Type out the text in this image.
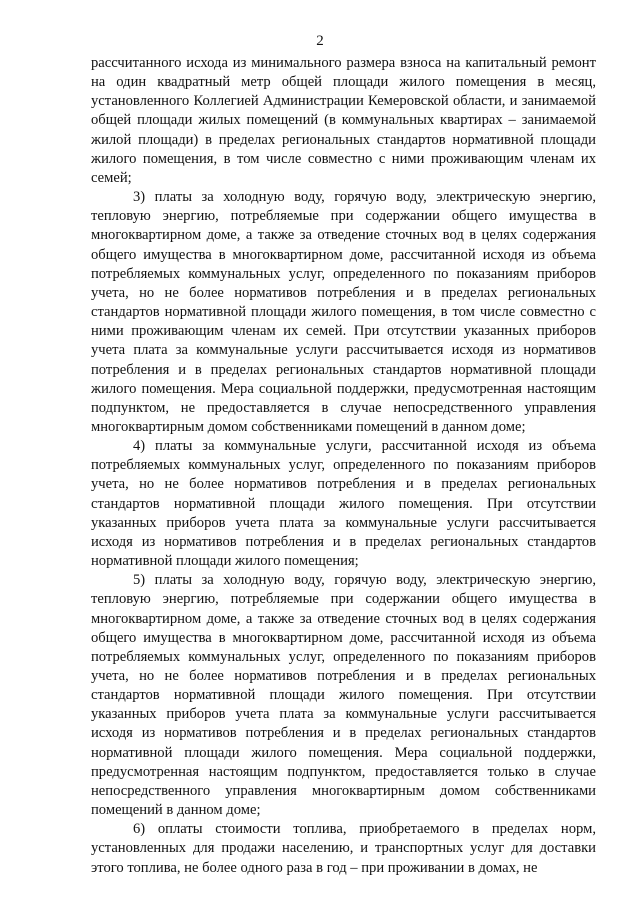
2

рассчитанного исхода из минимального размера взноса на капитальный ремонт на один квадратный метр общей площади жилого помещения в месяц, установленного Коллегией Администрации Кемеровской области, и занимаемой общей площади жилых помещений (в коммунальных квартирах – занимаемой жилой площади) в пределах региональных стандартов нормативной площади жилого помещения, в том числе совместно с ними проживающим членам их семей;

3) платы за холодную воду, горячую воду, электрическую энергию, тепловую энергию, потребляемые при содержании общего имущества в многоквартирном доме, а также за отведение сточных вод в целях содержания общего имущества в многоквартирном доме, рассчитанной исходя из объема потребляемых коммунальных услуг, определенного по показаниям приборов учета, но не более нормативов потребления и в пределах региональных стандартов нормативной площади жилого помещения, в том числе совместно с ними проживающим членам их семей. При отсутствии указанных приборов учета плата за коммунальные услуги рассчитывается исходя из нормативов потребления и в пределах региональных стандартов нормативной площади жилого помещения. Мера социальной поддержки, предусмотренная настоящим подпунктом, не предоставляется в случае непосредственного управления многоквартирным домом собственниками помещений в данном доме;

4) платы за коммунальные услуги, рассчитанной исходя из объема потребляемых коммунальных услуг, определенного по показаниям приборов учета, но не более нормативов потребления и в пределах региональных стандартов нормативной площади жилого помещения. При отсутствии указанных приборов учета плата за коммунальные услуги рассчитывается исходя из нормативов потребления и в пределах региональных стандартов нормативной площади жилого помещения;

5) платы за холодную воду, горячую воду, электрическую энергию, тепловую энергию, потребляемые при содержании общего имущества в многоквартирном доме, а также за отведение сточных вод в целях содержания общего имущества в многоквартирном доме, рассчитанной исходя из объема потребляемых коммунальных услуг, определенного по показаниям приборов учета, но не более нормативов потребления и в пределах региональных стандартов нормативной площади жилого помещения. При отсутствии указанных приборов учета плата за коммунальные услуги рассчитывается исходя из нормативов потребления и в пределах региональных стандартов нормативной площади жилого помещения. Мера социальной поддержки, предусмотренная настоящим подпунктом, предоставляется только в случае непосредственного управления многоквартирным домом собственниками помещений в данном доме;

6) оплаты стоимости топлива, приобретаемого в пределах норм, установленных для продажи населению, и транспортных услуг для доставки этого топлива, не более одного раза в год – при проживании в домах, не
